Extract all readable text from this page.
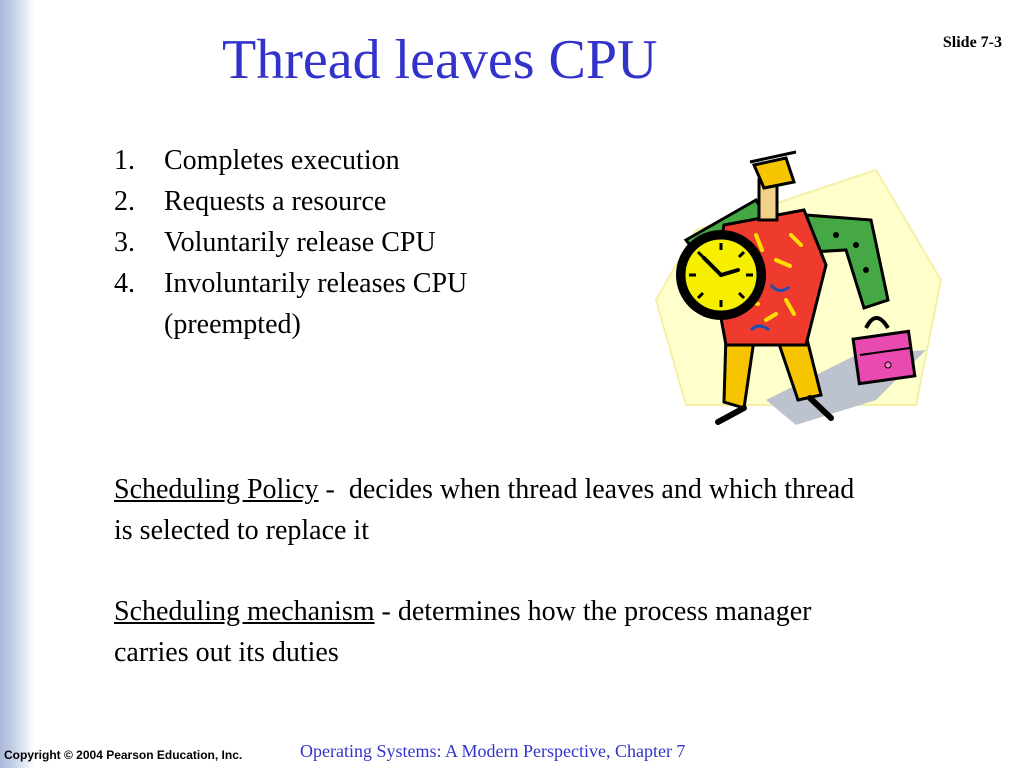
Thread leaves CPU	Slide 7-3
1.	Completes execution
2.	Requests a resource
3.	Voluntarily release CPU
4.	Involuntarily releases CPU (preempted)

Scheduling Policy -  decides when thread leaves and which thread is selected to replace it

Scheduling mechanism - determines how the process manager carries out its duties

Copyright © 2004 Pearson Education, Inc.	Operating Systems: A Modern Perspective, Chapter 7
